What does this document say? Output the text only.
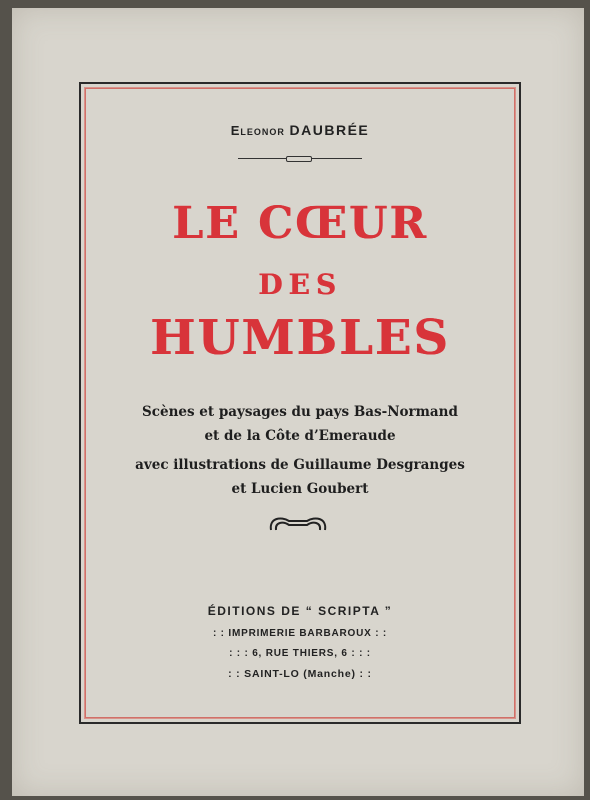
Eleonor DAUBRÉE
LE CŒUR
DES
HUMBLES
Scènes et paysages du pays Bas-Normand
et de la Côte d’Emeraude
avec illustrations de Guillaume Desgranges
et Lucien Goubert
ÉDITIONS DE “ SCRIPTA ”
: : IMPRIMERIE BARBAROUX : :
: : : 6, RUE THIERS, 6 : : :
: : SAINT-LO (Manche) : :
